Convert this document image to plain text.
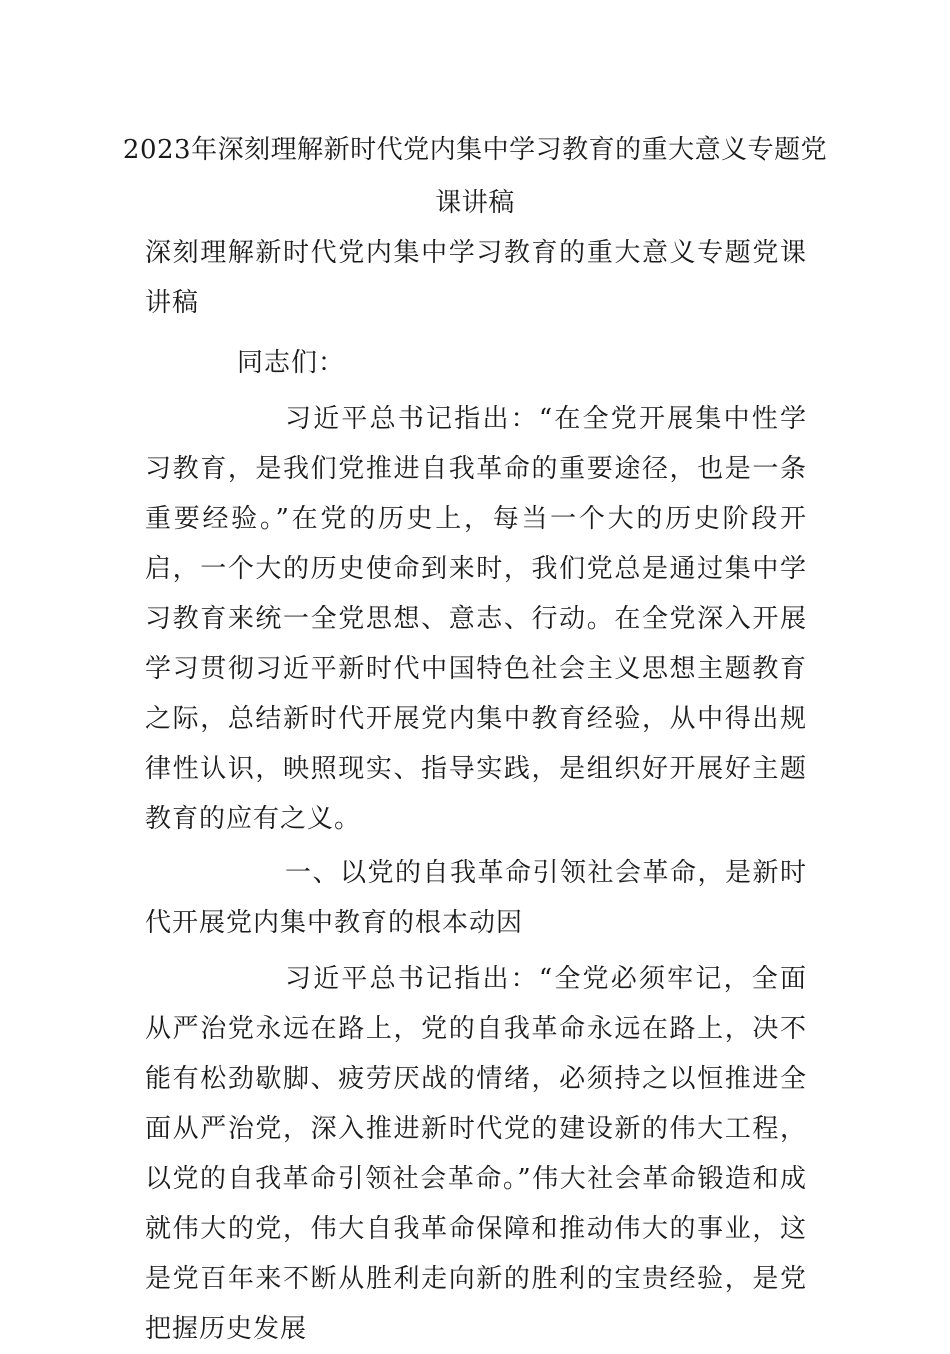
2023年深刻理解新时代党内集中学习教育的重大意义专题党课讲稿

深刻理解新时代党内集中学习教育的重大意义专题党课讲稿

同志们：

习近平总书记指出：“在全党开展集中性学习教育，是我们党推进自我革命的重要途径，也是一条重要经验。”在党的历史上，每当一个大的历史阶段开启，一个大的历史使命到来时，我们党总是通过集中学习教育来统一全党思想、意志、行动。在全党深入开展学习贯彻习近平新时代中国特色社会主义思想主题教育之际，总结新时代开展党内集中教育经验，从中得出规律性认识，映照现实、指导实践，是组织好开展好主题教育的应有之义。

一、以党的自我革命引领社会革命，是新时代开展党内集中教育的根本动因

习近平总书记指出：“全党必须牢记，全面从严治党永远在路上，党的自我革命永远在路上，决不能有松劲歇脚、疲劳厌战的情绪，必须持之以恒推进全面从严治党，深入推进新时代党的建设新的伟大工程，以党的自我革命引领社会革命。”伟大社会革命锻造和成就伟大的党，伟大自我革命保障和推动伟大的事业，这是党百年来不断从胜利走向新的胜利的宝贵经验，是党把握历史发展
